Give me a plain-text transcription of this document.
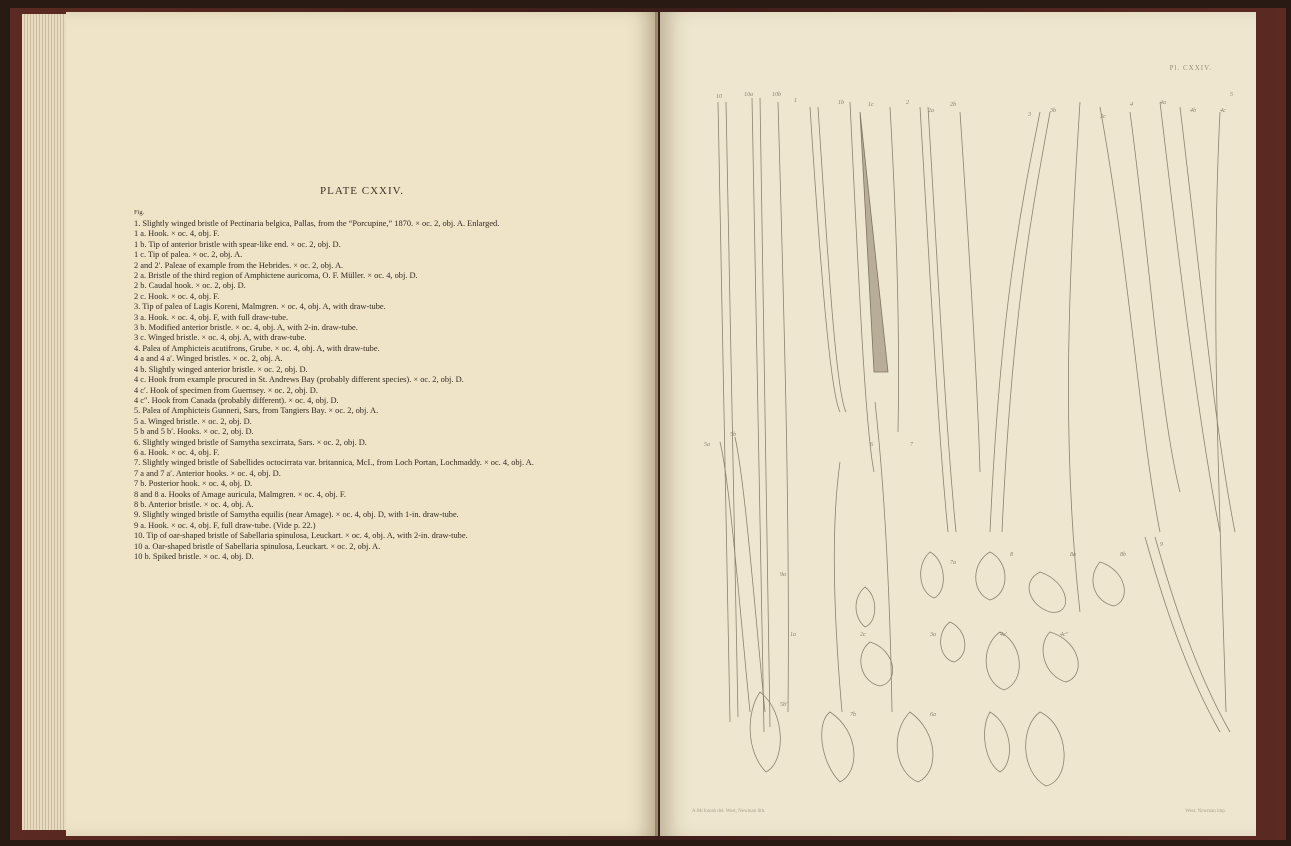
PLATE CXXIV.
Fig.
1. Slightly winged bristle of Pectinaria belgica, Pallas, from the “Porcupine,” 1870. × oc. 2, obj. A. Enlarged.
1 a. Hook. × oc. 4, obj. F.
1 b. Tip of anterior bristle with spear-like end. × oc. 2, obj. D.
1 c. Tip of palea. × oc. 2, obj. A.
2 and 2′. Paleae of example from the Hebrides. × oc. 2, obj. A.
2 a. Bristle of the third region of Amphictene auricoma, O. F. Müller. × oc. 4, obj. D.
2 b. Caudal hook. × oc. 2, obj. D.
2 c. Hook. × oc. 4, obj. F.
3. Tip of palea of Lagis Koreni, Malmgren. × oc. 4, obj. A, with draw-tube.
3 a. Hook. × oc. 4, obj. F, with full draw-tube.
3 b. Modified anterior bristle. × oc. 4, obj. A, with 2-in. draw-tube.
3 c. Winged bristle. × oc. 4, obj. A, with draw-tube.
4. Palea of Amphicteis acutifrons, Grube. × oc. 4, obj. A, with draw-tube.
4 a and 4 a′. Winged bristles. × oc. 2, obj. A.
4 b. Slightly winged anterior bristle. × oc. 2, obj. D.
4 c. Hook from example procured in St. Andrews Bay (probably different species). × oc. 2, obj. D.
4 c′. Hook of specimen from Guernsey. × oc. 2, obj. D.
4 c″. Hook from Canada (probably different). × oc. 4, obj. D.
5. Palea of Amphicteis Gunneri, Sars, from Tangiers Bay. × oc. 2, obj. A.
5 a. Winged bristle. × oc. 2, obj. D.
5 b and 5 b′. Hooks. × oc. 2, obj. D.
6. Slightly winged bristle of Samytha sexcirrata, Sars. × oc. 2, obj. D.
6 a. Hook. × oc. 4, obj. F.
7. Slightly winged bristle of Sabellides octocirrata var. britannica, McI., from Loch Portan, Lochmaddy. × oc. 4, obj. A.
7 a and 7 a′. Anterior hooks. × oc. 4, obj. D.
7 b. Posterior hook. × oc. 4, obj. D.
8 and 8 a. Hooks of Amage auricula, Malmgren. × oc. 4, obj. F.
8 b. Anterior bristle. × oc. 4, obj. A.
9. Slightly winged bristle of Samytha equilis (near Amage). × oc. 4, obj. D, with 1-in. draw-tube.
9 a. Hook. × oc. 4, obj. F, full draw-tube. (Vide p. 22.)
10. Tip of oar-shaped bristle of Sabellaria spinulosa, Leuckart. × oc. 4, obj. A, with 2-in. draw-tube.
10 a. Oar-shaped bristle of Sabellaria spinulosa, Leuckart. × oc. 2, obj. A.
10 b. Spiked bristle. × oc. 4, obj. D.
Pl. CXXIV.
10	10a	10b
1	1b	1c	2
2a
2b
3
3b
3c
4	4a
4b	4c
5
5a
5b
6	7
7a
8	8a	8b
9
9a
1a	2c	3a	4c'	4c''
5b'
7b	6a
A.McIntosh del. West, Newman lith.	West, Newman imp.
